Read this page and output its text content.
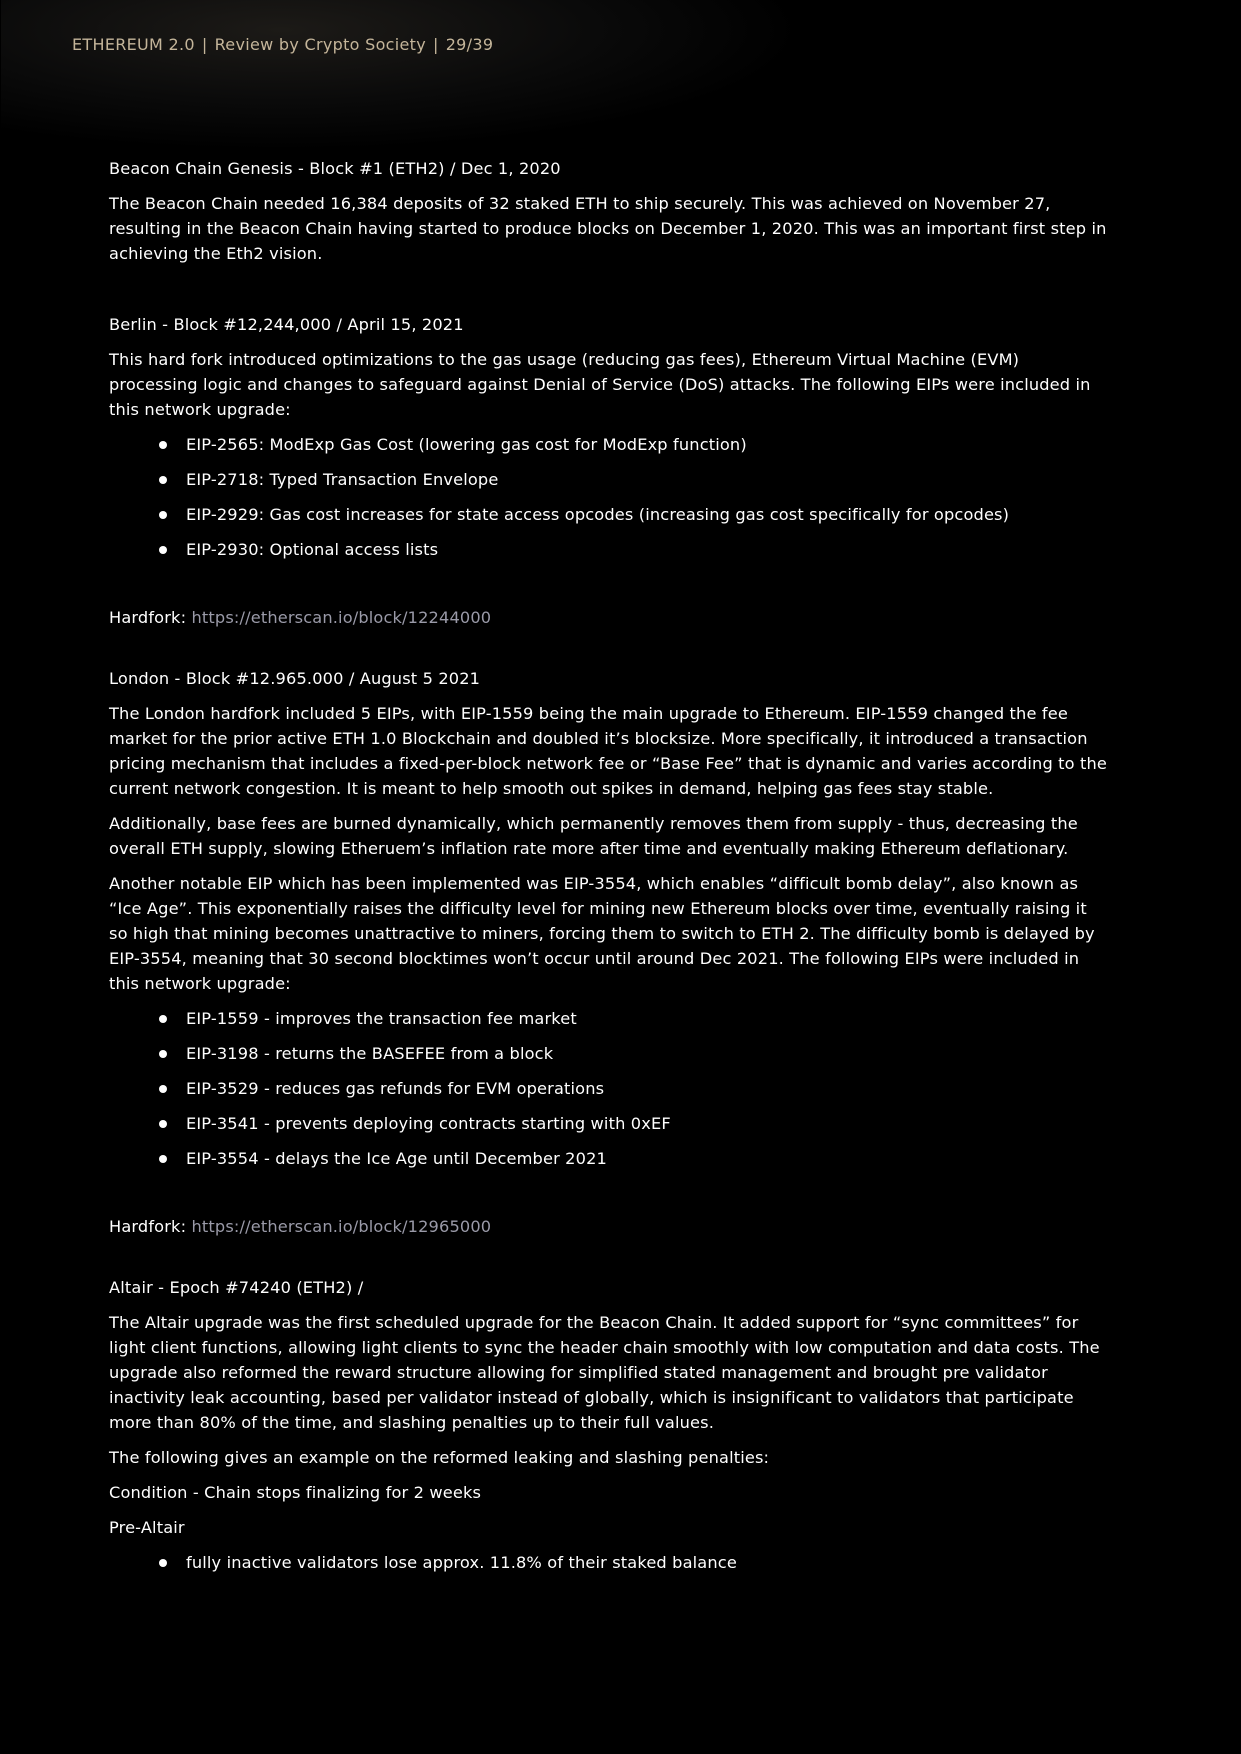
ETHEREUM 2.0 | Review by Crypto Society | 29/39
Beacon Chain Genesis - Block #1 (ETH2) / Dec 1, 2020

The Beacon Chain needed 16,384 deposits of 32 staked ETH to ship securely. This was achieved on November 27, resulting in the Beacon Chain having started to produce blocks on December 1, 2020. This was an important first step in achieving the Eth2 vision.

Berlin - Block #12,244,000 / April 15, 2021

This hard fork introduced optimizations to the gas usage (reducing gas fees), Ethereum Virtual Machine (EVM) processing logic and changes to safeguard against Denial of Service (DoS) attacks. The following EIPs were included in this network upgrade:

EIP-2565: ModExp Gas Cost (lowering gas cost for ModExp function)
EIP-2718: Typed Transaction Envelope
EIP-2929: Gas cost increases for state access opcodes (increasing gas cost specifically for opcodes)
EIP-2930: Optional access lists
Hardfork: https://etherscan.io/block/12244000
London - Block #12.965.000 / August 5 2021

The London hardfork included 5 EIPs, with EIP-1559 being the main upgrade to Ethereum. EIP-1559 changed the fee market for the prior active ETH 1.0 Blockchain and doubled it’s blocksize. More specifically, it introduced a transaction pricing mechanism that includes a fixed-per-block network fee or “Base Fee” that is dynamic and varies according to the current network congestion. It is meant to help smooth out spikes in demand, helping gas fees stay stable.

Additionally, base fees are burned dynamically, which permanently removes them from supply - thus, decreasing the overall ETH supply, slowing Etheruem’s inflation rate more after time and eventually making Ethereum deflationary.

Another notable EIP which has been implemented was EIP-3554, which enables “difficult bomb delay”, also known as “Ice Age”. This exponentially raises the difficulty level for mining new Ethereum blocks over time, eventually raising it so high that mining becomes unattractive to miners, forcing them to switch to ETH 2. The difficulty bomb is delayed by EIP-3554, meaning that 30 second blocktimes won’t occur until around Dec 2021. The following EIPs were included in this network upgrade:

EIP-1559 - improves the transaction fee market
EIP-3198 - returns the BASEFEE from a block
EIP-3529 - reduces gas refunds for EVM operations
EIP-3541 - prevents deploying contracts starting with 0xEF
EIP-3554 - delays the Ice Age until December 2021
Hardfork: https://etherscan.io/block/12965000
Altair - Epoch #74240 (ETH2) /

The Altair upgrade was the first scheduled upgrade for the Beacon Chain. It added support for “sync committees” for light client functions, allowing light clients to sync the header chain smoothly with low computation and data costs. The upgrade also reformed the reward structure allowing for simplified stated management and brought pre validator inactivity leak accounting, based per validator instead of globally, which is insignificant to validators that participate more than 80% of the time, and slashing penalties up to their full values.

The following gives an example on the reformed leaking and slashing penalties:

Condition - Chain stops finalizing for 2 weeks

Pre-Altair

fully inactive validators lose approx. 11.8% of their staked balance
